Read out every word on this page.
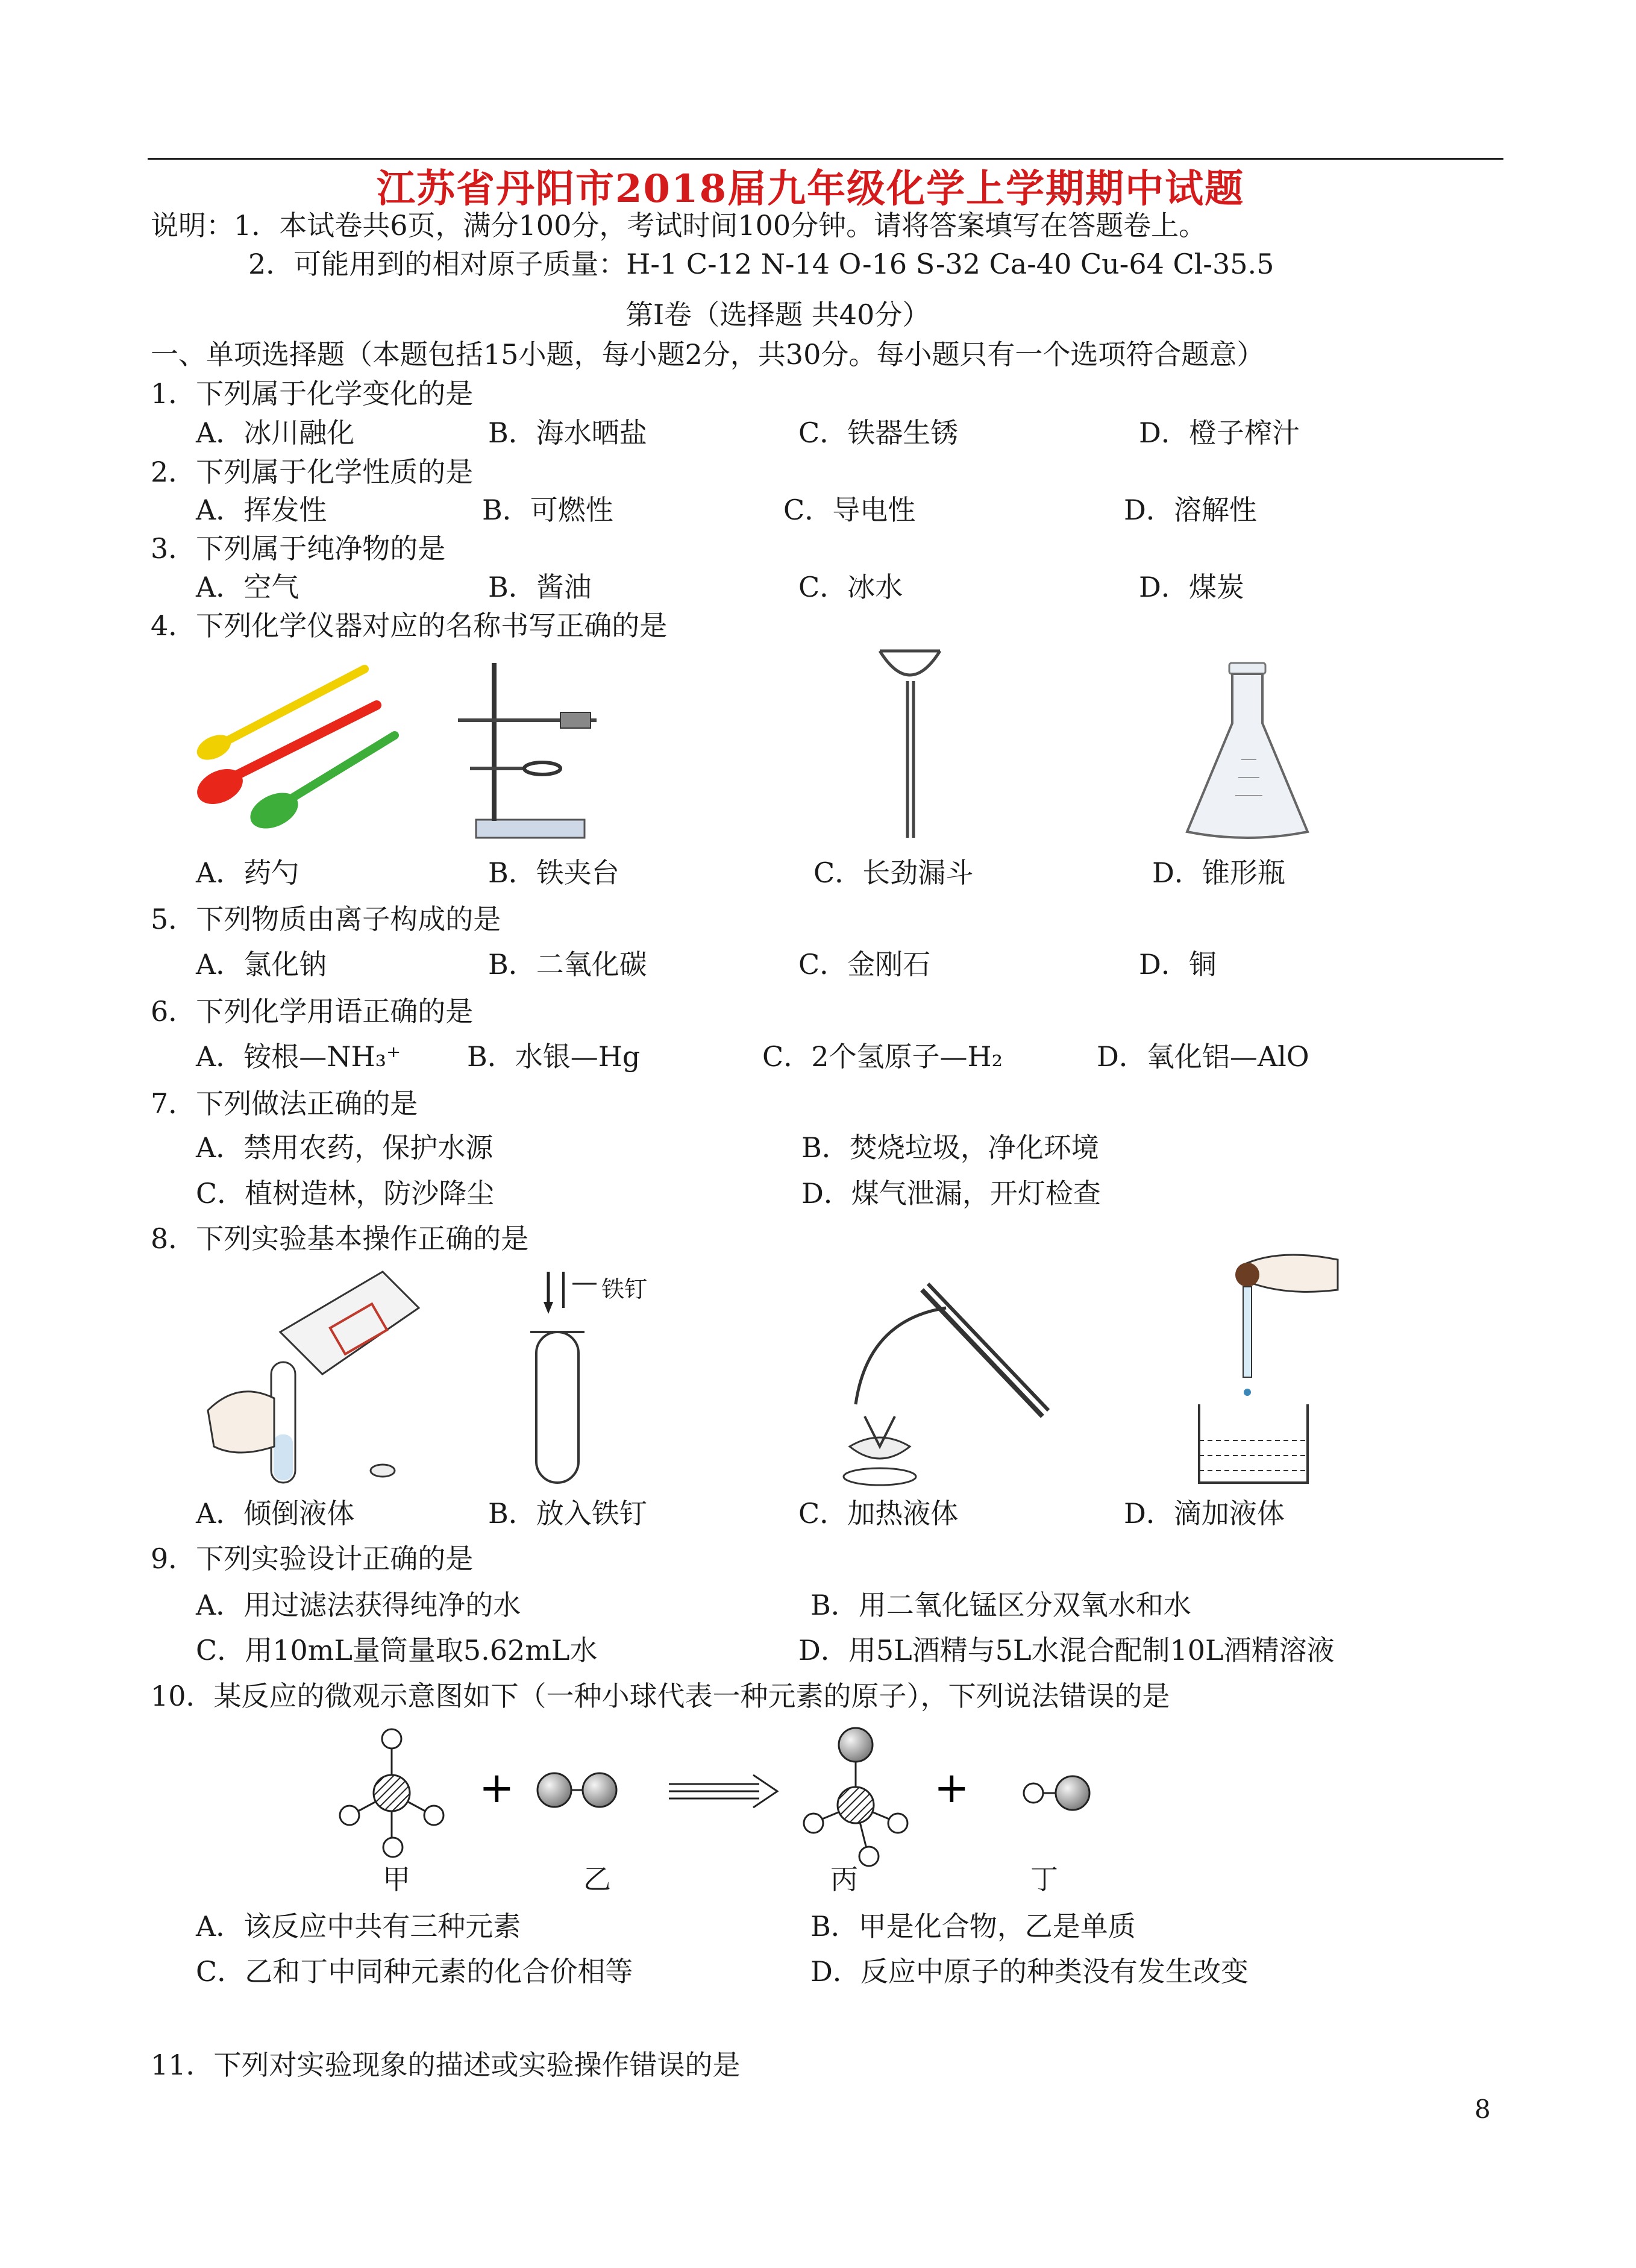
江苏省丹阳市2018届九年级化学上学期期中试题
说明：1．本试卷共6页，满分100分，考试时间100分钟。请将答案填写在答题卷上。
2．可能用到的相对原子质量：H-1 C-12 N-14 O-16 S-32 Ca-40 Cu-64 Cl-35.5
第Ⅰ卷（选择题 共40分）
一、单项选择题（本题包括15小题，每小题2分，共30分。每小题只有一个选项符合题意）
1．下列属于化学变化的是
A．冰川融化	B．海水晒盐	C．铁器生锈	D．橙子榨汁
2．下列属于化学性质的是
A．挥发性	B．可燃性	C．导电性	D．溶解性
3．下列属于纯净物的是
A．空气	B．酱油	C．冰水	D．煤炭
4．下列化学仪器对应的名称书写正确的是
A．药勺	B．铁夹台	C．长劲漏斗	D．锥形瓶
5．下列物质由离子构成的是
A．氯化钠	B．二氧化碳	C．金刚石	D．铜
6．下列化学用语正确的是
A．铵根—NH₃⁺ B．水银—Hg	C．2个氢原子—H₂	D．氧化铝—AlO
7．下列做法正确的是
A．禁用农药，保护水源	B．焚烧垃圾，净化环境
C．植树造林，防沙降尘	D．煤气泄漏，开灯检查
8．下列实验基本操作正确的是
铁钉
A．倾倒液体	B．放入铁钉	C．加热液体	D．滴加液体
9．下列实验设计正确的是
A．用过滤法获得纯净的水	B．用二氧化锰区分双氧水和水
C．用10mL量筒量取5.62mL水	D．用5L酒精与5L水混合配制10L酒精溶液
10．某反应的微观示意图如下（一种小球代表一种元素的原子），下列说法错误的是
+	+
甲	乙	丙	丁
A．该反应中共有三种元素	B．甲是化合物，乙是单质
C．乙和丁中同种元素的化合价相等	D．反应中原子的种类没有发生改变
11．下列对实验现象的描述或实验操作错误的是
8
